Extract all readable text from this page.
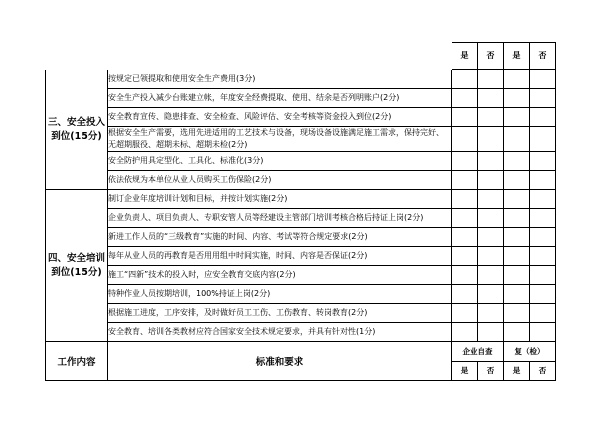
		是	否	是	否
三、安全投入到位(15分)	按规定已领提取和使用安全生产费用(3分)				
	安全生产投入减少台账建立帐，年度安全经费提取、使用、结余是否列明账户(2分)				
	安全教育宣传、隐患排查、安全检查、风险评估、安全考核等资金投入到位(2分)				
	根据安全生产需要，选用先进适用的工艺技术与设备，现场设备设施满足施工需求，保持完好、无超期服役、超期未标、超期未检(2分)				
	安全防护用具定型化、工具化、标准化(3分)				
	依法依规为本单位从业人员购买工伤保险(2分)				
四、安全培训到位(15分)	制订企业年度培训计划和目标，并按计划实施(2分)				
	企业负责人、项目负责人、专职安管人员等经建设主管部门培训考核合格后持证上岗(2分)				
	新进工作人员的“三级教育”实施的时间、内容、考试等符合规定要求(2分)				
	每年从业人员的再教育是否用用组中时间实施，时间、内容是否保证(2分)				
	施工“四新”技术的投入时，应安全教育交底内容(2分)				
	特种作业人员按期培训，100%持证上岗(2分)				
	根据施工进度，工序安排，及时做好员工工伤、工伤教育、转岗教育(2分)				
	安全教育、培训各类教材应符合国家安全技术规定要求，并具有针对性(1分)				
工作内容	标准和要求	
企业自查
是	否

复（检）
是	否
